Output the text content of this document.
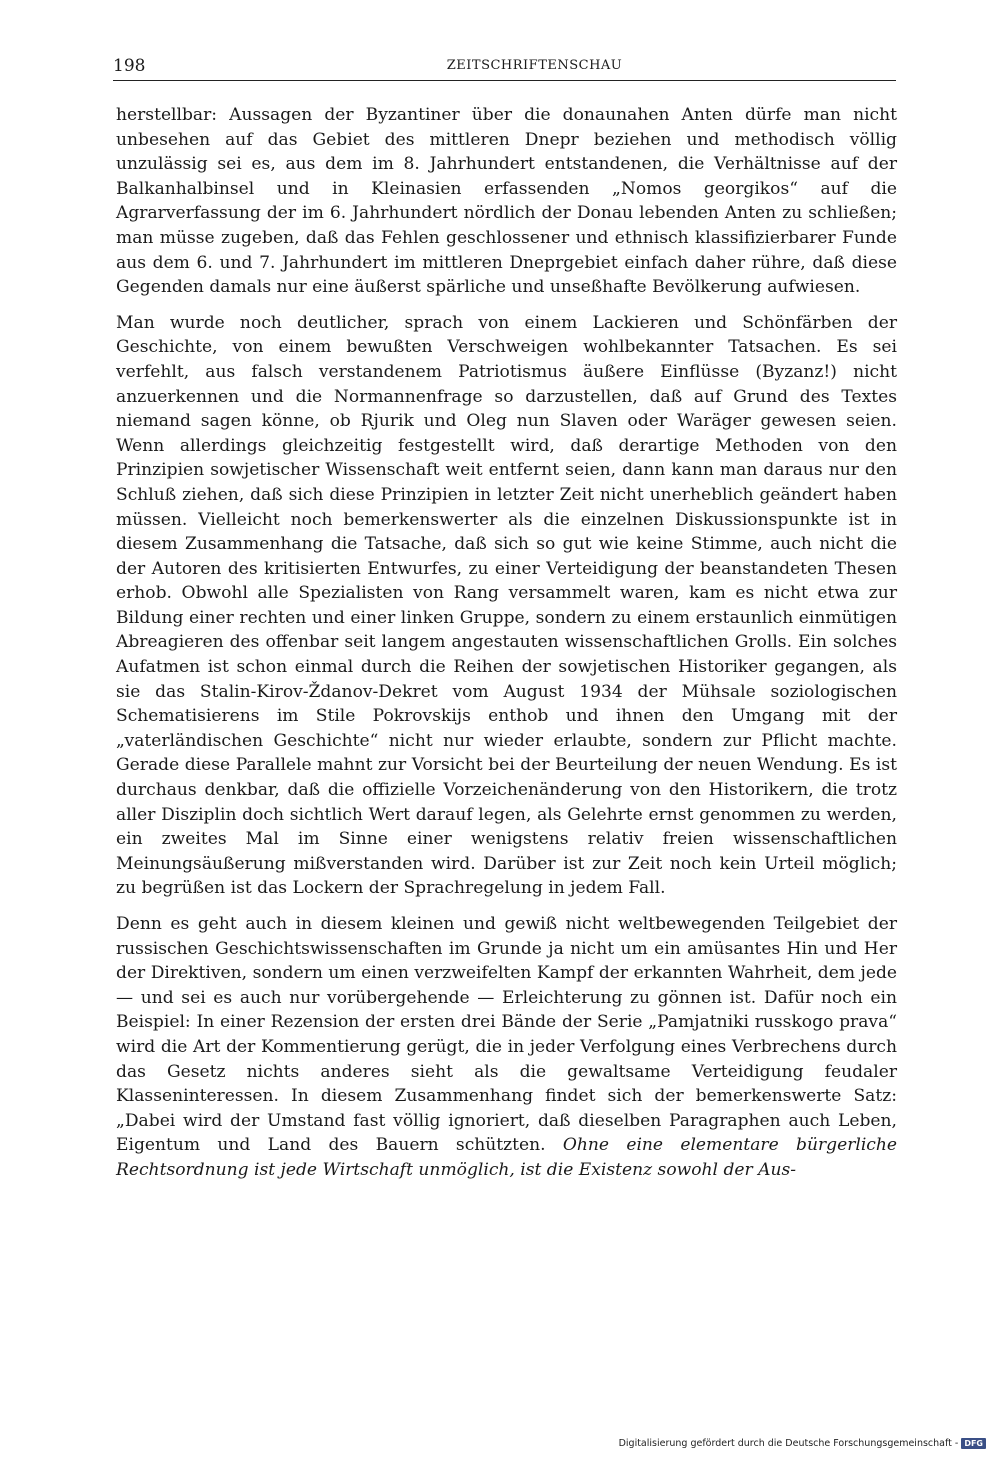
198	ZEITSCHRIFTENSCHAU

herstellbar: Aussagen der Byzantiner über die donaunahen Anten dürfe man nicht unbesehen auf das Gebiet des mittleren Dnepr beziehen und methodisch völlig unzulässig sei es, aus dem im 8. Jahrhundert entstandenen, die Verhältnisse auf der Balkanhalbinsel und in Kleinasien erfassenden „Nomos georgikos“ auf die Agrarverfassung der im 6. Jahrhundert nördlich der Donau lebenden Anten zu schließen; man müsse zugeben, daß das Fehlen geschlossener und ethnisch klassifizierbarer Funde aus dem 6. und 7. Jahrhundert im mittleren Dneprgebiet einfach daher rühre, daß diese Gegenden damals nur eine äußerst spärliche und unseßhafte Bevölkerung aufwiesen.

Man wurde noch deutlicher, sprach von einem Lackieren und Schönfärben der Geschichte, von einem bewußten Verschweigen wohlbekannter Tatsachen. Es sei verfehlt, aus falsch verstandenem Patriotismus äußere Einflüsse (Byzanz!) nicht anzuerkennen und die Normannenfrage so darzustellen, daß auf Grund des Textes niemand sagen könne, ob Rjurik und Oleg nun Slaven oder Waräger gewesen seien. Wenn allerdings gleichzeitig festgestellt wird, daß derartige Methoden von den Prinzipien sowjetischer Wissenschaft weit entfernt seien, dann kann man daraus nur den Schluß ziehen, daß sich diese Prinzipien in letzter Zeit nicht unerheblich geändert haben müssen. Vielleicht noch bemerkenswerter als die einzelnen Diskussionspunkte ist in diesem Zusammenhang die Tatsache, daß sich so gut wie keine Stimme, auch nicht die der Autoren des kritisierten Entwurfes, zu einer Verteidigung der beanstandeten Thesen erhob. Obwohl alle Spezialisten von Rang versammelt waren, kam es nicht etwa zur Bildung einer rechten und einer linken Gruppe, sondern zu einem erstaunlich einmütigen Abreagieren des offenbar seit langem angestauten wissenschaftlichen Grolls. Ein solches Aufatmen ist schon einmal durch die Reihen der sowjetischen Historiker gegangen, als sie das Stalin-Kirov-Ždanov-Dekret vom August 1934 der Mühsale soziologischen Schematisierens im Stile Pokrovskijs enthob und ihnen den Umgang mit der „vaterländischen Geschichte“ nicht nur wieder erlaubte, sondern zur Pflicht machte. Gerade diese Parallele mahnt zur Vorsicht bei der Beurteilung der neuen Wendung. Es ist durchaus denkbar, daß die offizielle Vorzeichenänderung von den Historikern, die trotz aller Disziplin doch sichtlich Wert darauf legen, als Gelehrte ernst genommen zu werden, ein zweites Mal im Sinne einer wenigstens relativ freien wissenschaftlichen Meinungsäußerung mißverstanden wird. Darüber ist zur Zeit noch kein Urteil möglich; zu begrüßen ist das Lockern der Sprachregelung in jedem Fall.

Denn es geht auch in diesem kleinen und gewiß nicht weltbewegenden Teilgebiet der russischen Geschichtswissenschaften im Grunde ja nicht um ein amüsantes Hin und Her der Direktiven, sondern um einen verzweifelten Kampf der erkannten Wahrheit, dem jede — und sei es auch nur vorübergehende — Erleichterung zu gönnen ist. Dafür noch ein Beispiel: In einer Rezension der ersten drei Bände der Serie „Pamjatniki russkogo prava“ wird die Art der Kommentierung gerügt, die in jeder Verfolgung eines Verbrechens durch das Gesetz nichts anderes sieht als die gewaltsame Verteidigung feudaler Klasseninteressen. In diesem Zusammenhang findet sich der bemerkenswerte Satz: „Dabei wird der Umstand fast völlig ignoriert, daß dieselben Paragraphen auch Leben, Eigentum und Land des Bauern schützten. Ohne eine elementare bürgerliche Rechtsordnung ist jede Wirtschaft unmöglich, ist die Existenz sowohl der Aus-

Digitalisierung gefördert durch die Deutsche Forschungsgemeinschaft - DFG
